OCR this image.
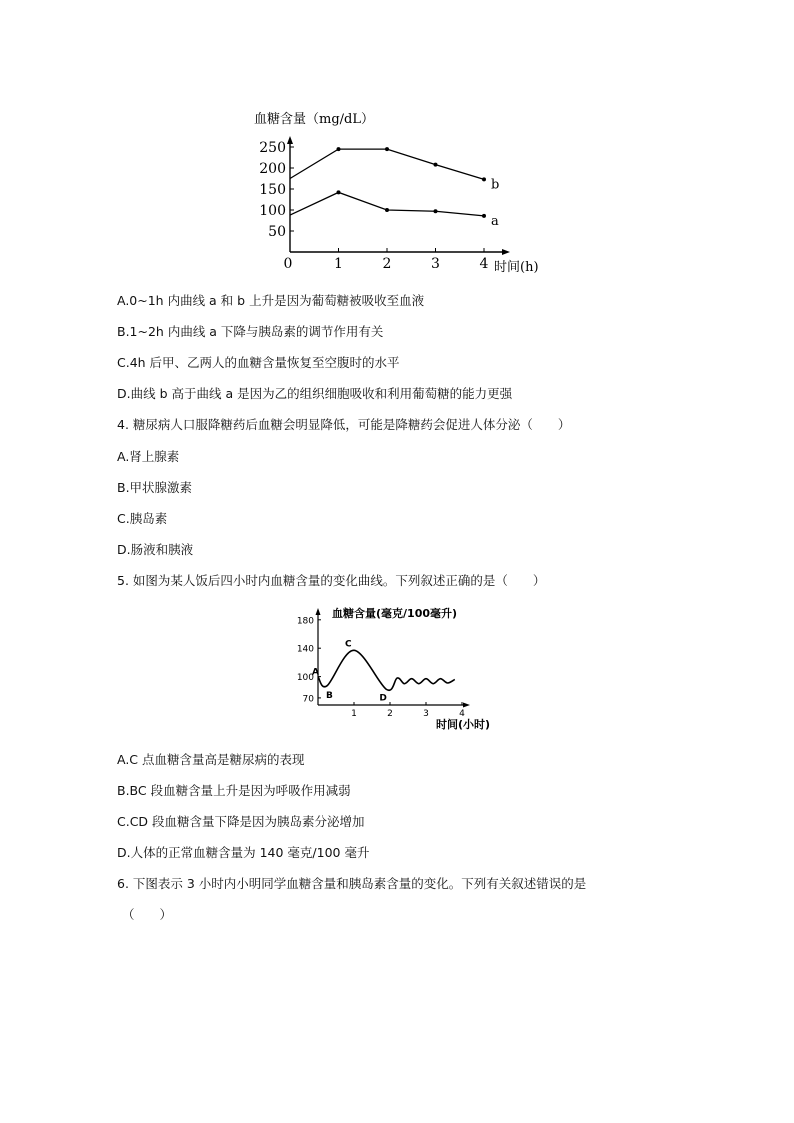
血糖含量（mg/dL）
250
200
150
100
50
0	1	2	3	4 时间(h)
b
a
A.0~1h 内曲线 a 和 b 上升是因为葡萄糖被吸收至血液
B.1~2h 内曲线 a 下降与胰岛素的调节作用有关
C.4h 后甲、乙两人的血糖含量恢复至空腹时的水平
D.曲线 b 高于曲线 a 是因为乙的组织细胞吸收和利用葡萄糖的能力更强
4. 糖尿病人口服降糖药后血糖会明显降低，可能是降糖药会促进人体分泌（　　）
A.肾上腺素
B.甲状腺激素
C.胰岛素
D.肠液和胰液
5. 如图为某人饭后四小时内血糖含量的变化曲线。下列叙述正确的是（　　）
血糖含量(毫克/100毫升)
180
140
100
70
1	2	3	4
时间(小时)
A
B
C
D
A.C 点血糖含量高是糖尿病的表现
B.BC 段血糖含量上升是因为呼吸作用减弱
C.CD 段血糖含量下降是因为胰岛素分泌增加
D.人体的正常血糖含量为 140 毫克/100 毫升
6. 下图表示 3 小时内小明同学血糖含量和胰岛素含量的变化。下列有关叙述错误的是
（　　）
